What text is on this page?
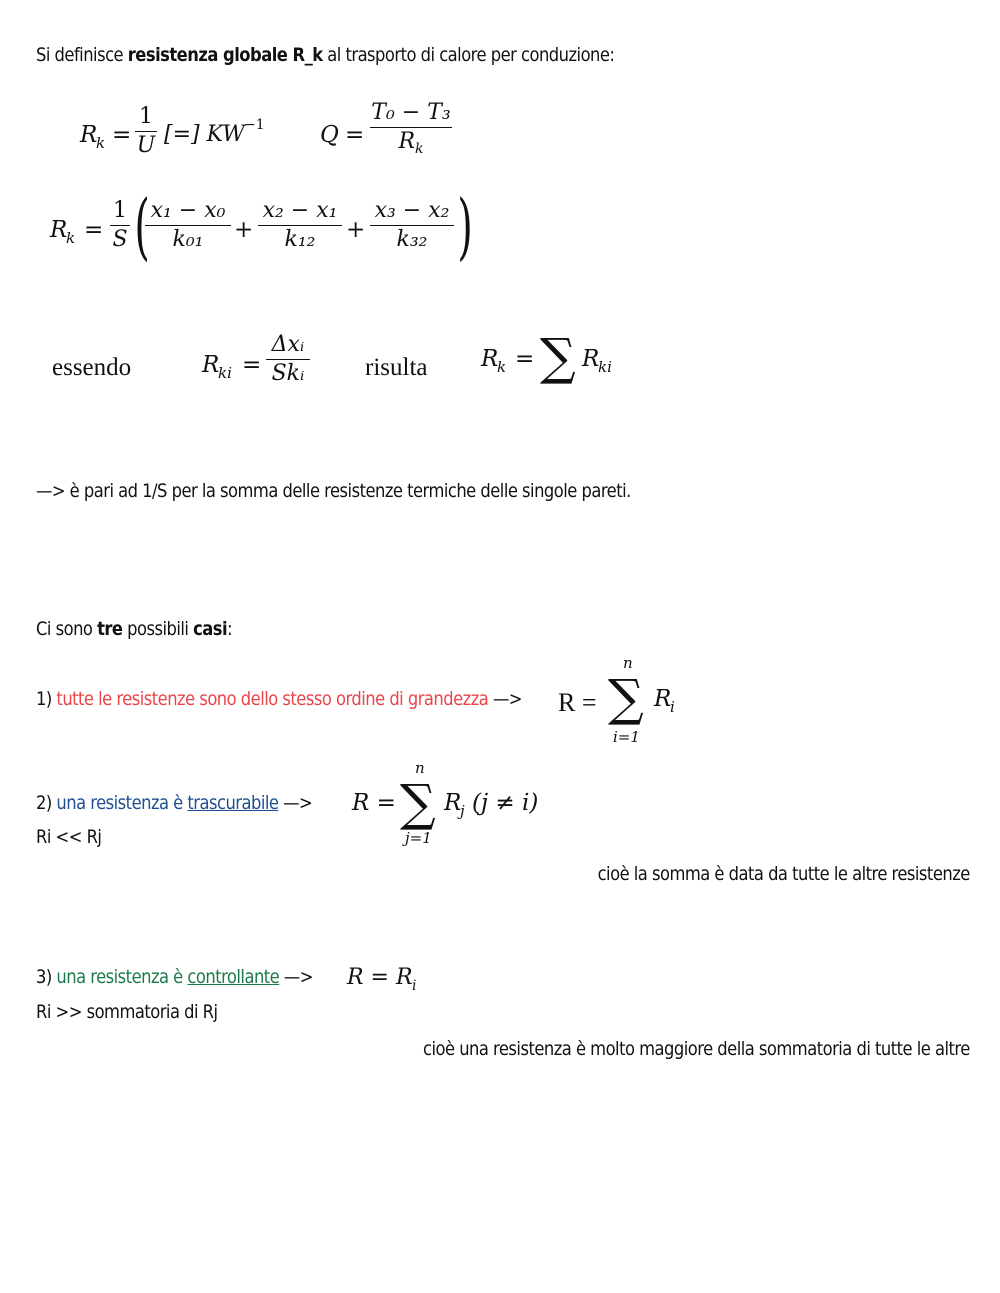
Si definisce resistenza globale R_k al trasporto di calore per conduzione:
R
k =
1
U [=] KW −1 Q =
T₀ − T₃
$R_k$
R
k =
1
S ( x₁ − x₀
k₀₁	+
x₂ − x₁
k₁₂	+
x₃ − x₂
k₃₂ )
essendo	R
ki =
Δxᵢ
Skᵢ risulta R
k = ∑ R
ki
—> è pari ad 1/S per la somma delle resistenze termiche delle singole pareti.
Ci sono tre possibili casi:
1) tutte le resistenze sono dello stesso ordine di grandezza —> R =
n
∑
i=1
R
i
2) una resistenza è trascurabile —>
Ri << Rj
R =
n
∑
j=1
R
j (j ≠ i)
cioè la somma è data da tutte le altre resistenze
3) una resistenza è controllante —> R = R i
Ri >> sommatoria di Rj
cioè una resistenza è molto maggiore della sommatoria di tutte le altre
